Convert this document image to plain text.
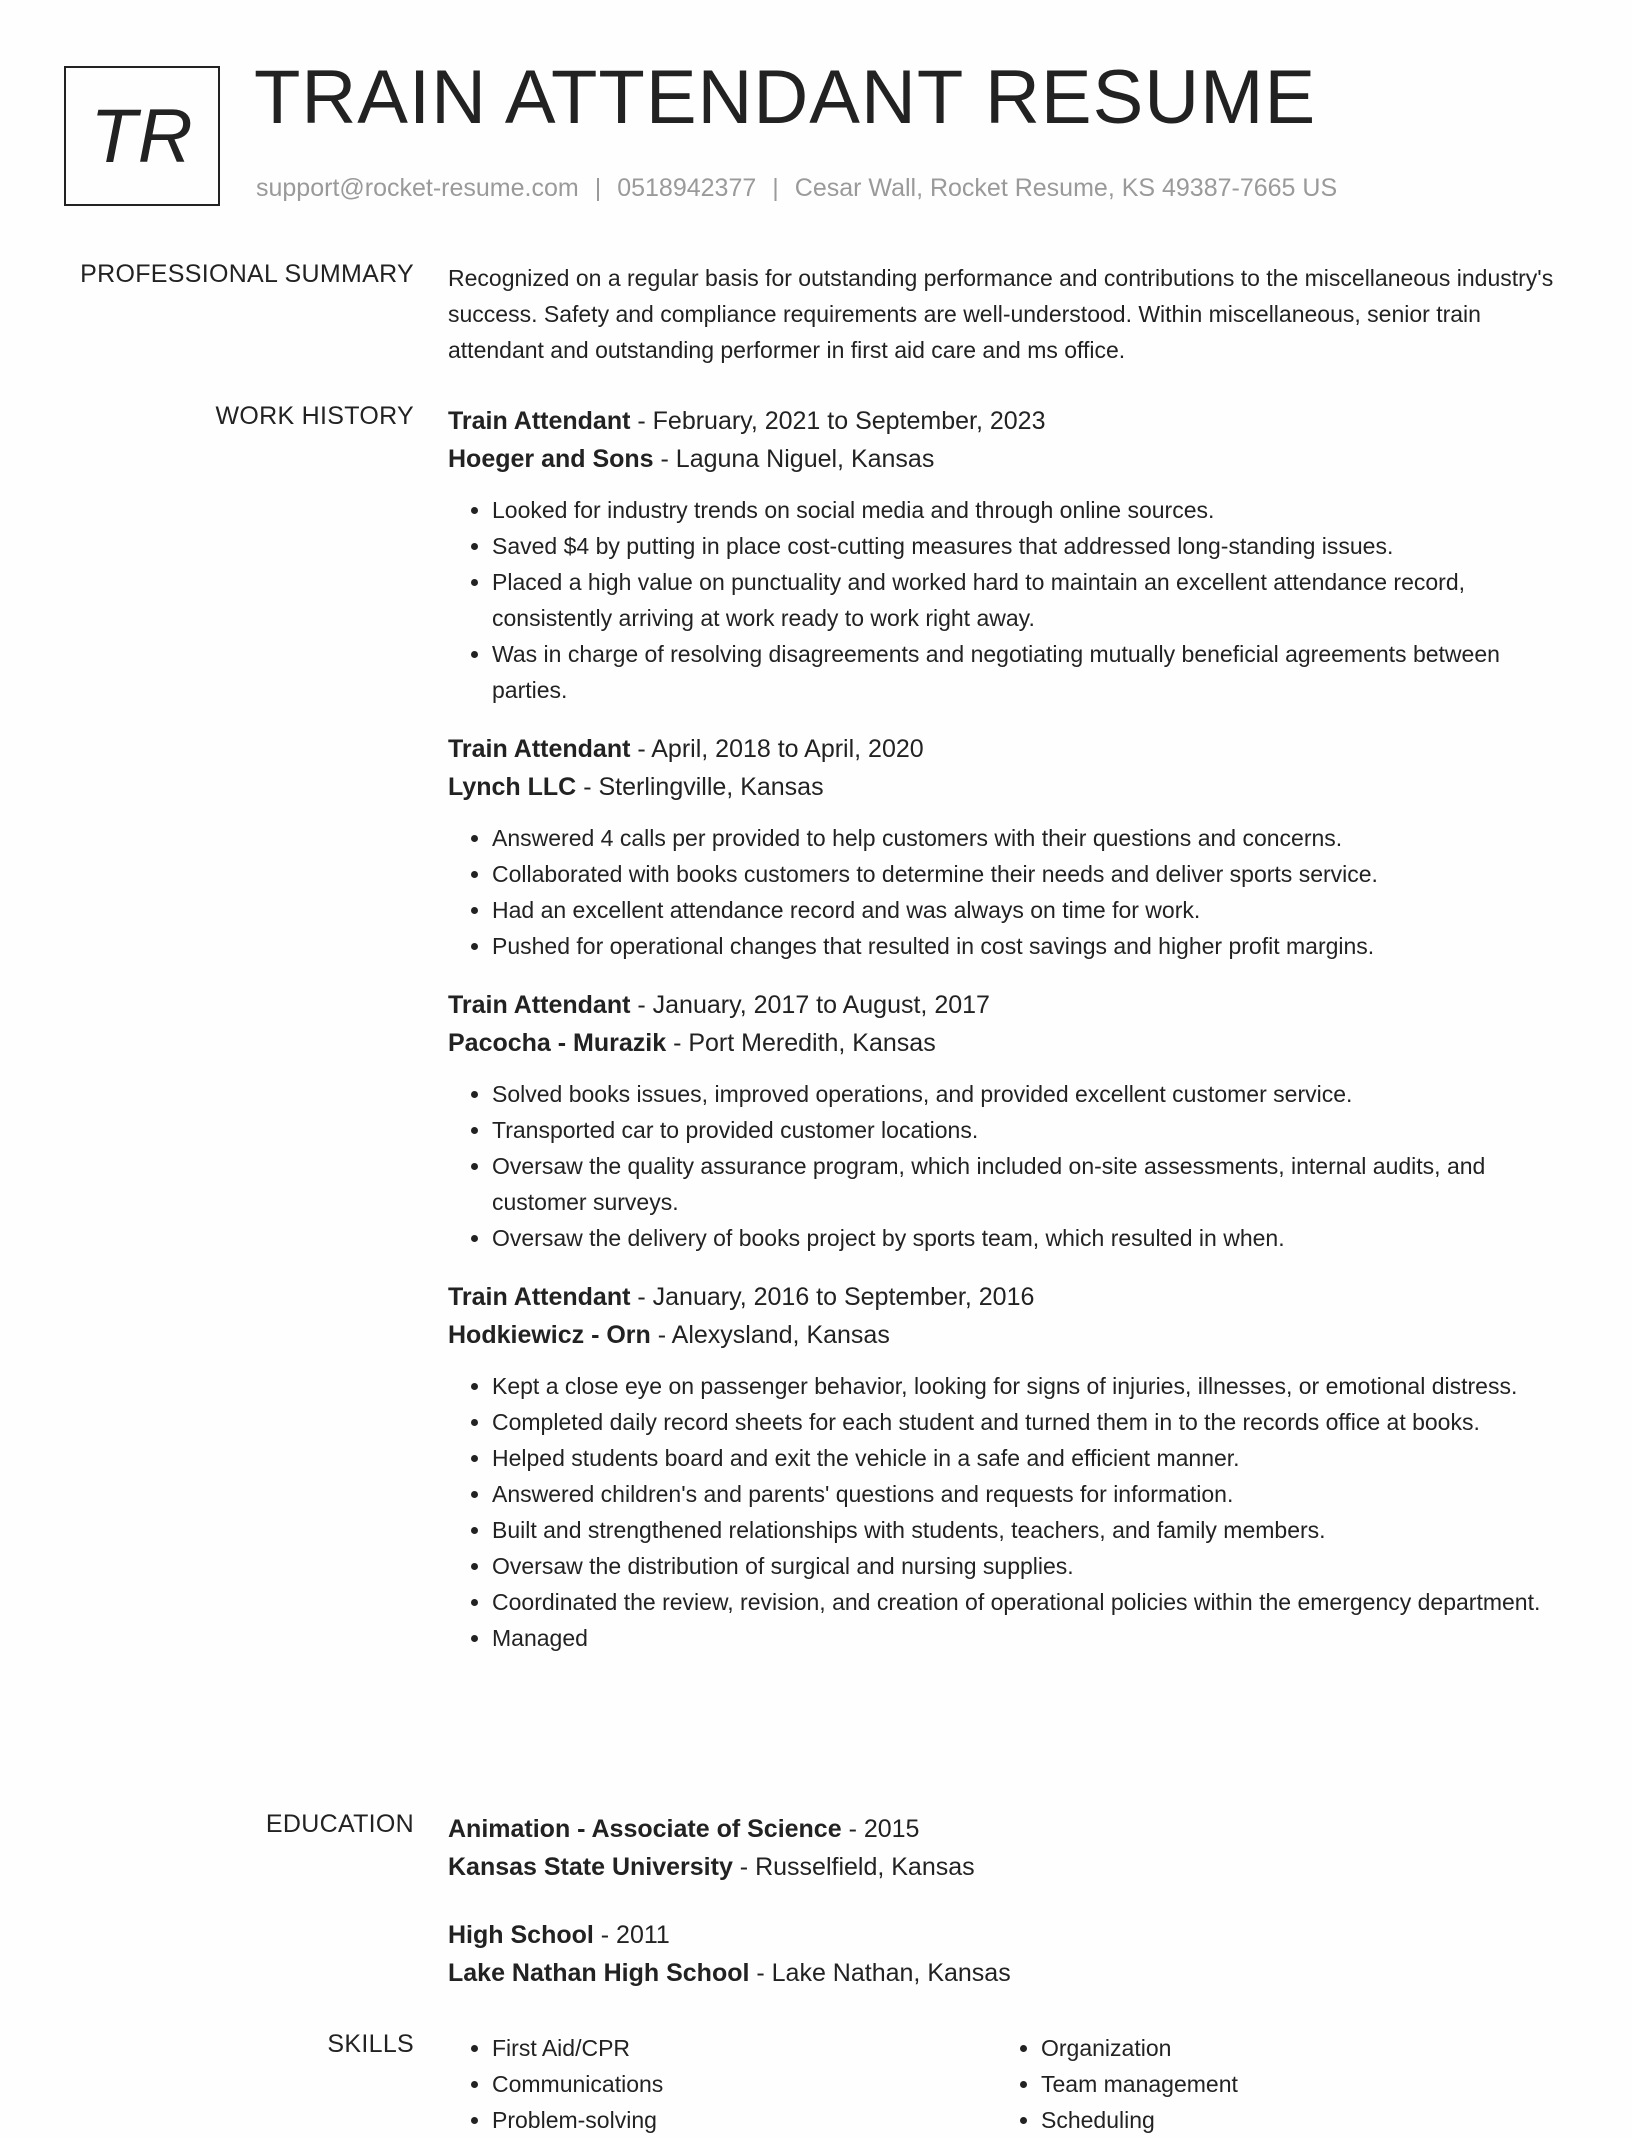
TR TRAIN ATTENDANT RESUME
support@rocket-resume.com | 0518942377 | Cesar Wall, Rocket Resume, KS 49387-7665 US
PROFESSIONAL SUMMARY Recognized on a regular basis for outstanding performance and contributions to the miscellaneous industry's success. Safety and compliance requirements are well-understood. Within miscellaneous, senior train attendant and outstanding performer in first aid care and ms office.

WORK HISTORY Train Attendant - February, 2021 to September, 2023
Hoeger and Sons - Laguna Niguel, Kansas
• Looked for industry trends on social media and through online sources.
• Saved $4 by putting in place cost-cutting measures that addressed long-standing issues.
• Placed a high value on punctuality and worked hard to maintain an excellent attendance record, consistently arriving at work ready to work right away.
• Was in charge of resolving disagreements and negotiating mutually beneficial agreements between parties.
Train Attendant - April, 2018 to April, 2020
Lynch LLC - Sterlingville, Kansas
• Answered 4 calls per provided to help customers with their questions and concerns.
• Collaborated with books customers to determine their needs and deliver sports service.
• Had an excellent attendance record and was always on time for work.
• Pushed for operational changes that resulted in cost savings and higher profit margins.
Train Attendant - January, 2017 to August, 2017
Pacocha - Murazik - Port Meredith, Kansas
• Solved books issues, improved operations, and provided excellent customer service.
• Transported car to provided customer locations.
• Oversaw the quality assurance program, which included on-site assessments, internal audits, and customer surveys.
• Oversaw the delivery of books project by sports team, which resulted in when.
Train Attendant - January, 2016 to September, 2016
Hodkiewicz - Orn - Alexysland, Kansas
• Kept a close eye on passenger behavior, looking for signs of injuries, illnesses, or emotional distress.
• Completed daily record sheets for each student and turned them in to the records office at books.
• Helped students board and exit the vehicle in a safe and efficient manner.
• Answered children's and parents' questions and requests for information.
• Built and strengthened relationships with students, teachers, and family members.
• Oversaw the distribution of surgical and nursing supplies.
• Coordinated the review, revision, and creation of operational policies within the emergency department.
• Managed
EDUCATION Animation - Associate of Science - 2015
Kansas State University - Russelfield, Kansas
High School - 2011
Lake Nathan High School - Lake Nathan, Kansas
SKILLS
•	First Aid/CPR
• Communications
• Problem-solving
• Organization
• Team management
• Scheduling
